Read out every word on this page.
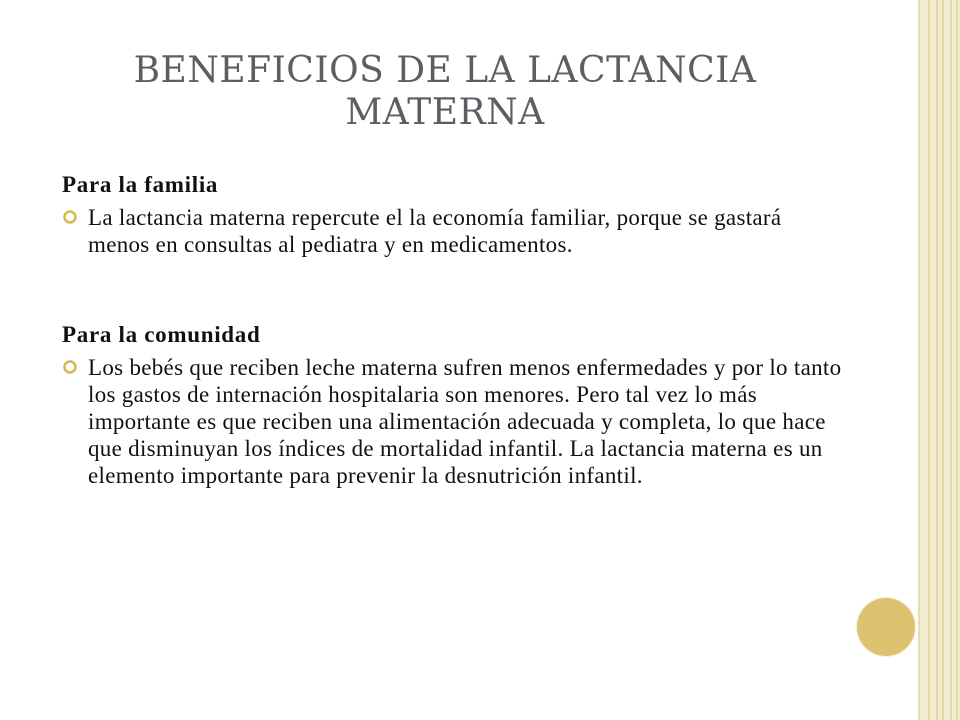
BENEFICIOS DE LA LACTANCIA
MATERNA

Para la familia

La lactancia materna repercute el la economía familiar, porque se gastará menos en consultas al pediatra y en medicamentos.

Para la comunidad

Los bebés que reciben leche materna sufren menos enfermedades y por lo tanto los gastos de internación hospitalaria son menores. Pero tal vez lo más importante es que reciben una alimentación adecuada y completa, lo que hace que disminuyan los índices de mortalidad infantil. La lactancia materna es un elemento importante para prevenir la desnutrición infantil.
